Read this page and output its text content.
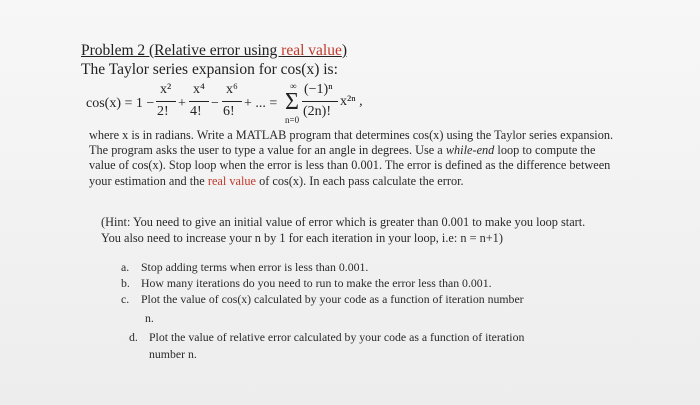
Problem 2 (Relative error using real value)
The Taylor series expansion for cos(x) is:
cos(x) = 1 −
x²
2!
+
x⁴
4!
−
x⁶
6!
+ ... =
∞
Σ
n=0
(−1)ⁿ
(2n)!
x²ⁿ ,
where x is in radians. Write a MATLAB program that determines cos(x) using the Taylor series expansion. The program asks the user to type a value for an angle in degrees. Use a while-end loop to compute the value of cos(x). Stop loop when the error is less than 0.001. The error is defined as the difference between your estimation and the real value of cos(x). In each pass calculate the error.
(Hint: You need to give an initial value of error which is greater than 0.001 to make you loop start.
You also need to increase your n by 1 for each iteration in your loop, i.e: n = n+1)
a. Stop adding terms when error is less than 0.001.
b. How many iterations do you need to run to make the error less than 0.001.
c. Plot the value of cos(x) calculated by your code as a function of iteration number
n.
d. Plot the value of relative error calculated by your code as a function of iteration
number n.
